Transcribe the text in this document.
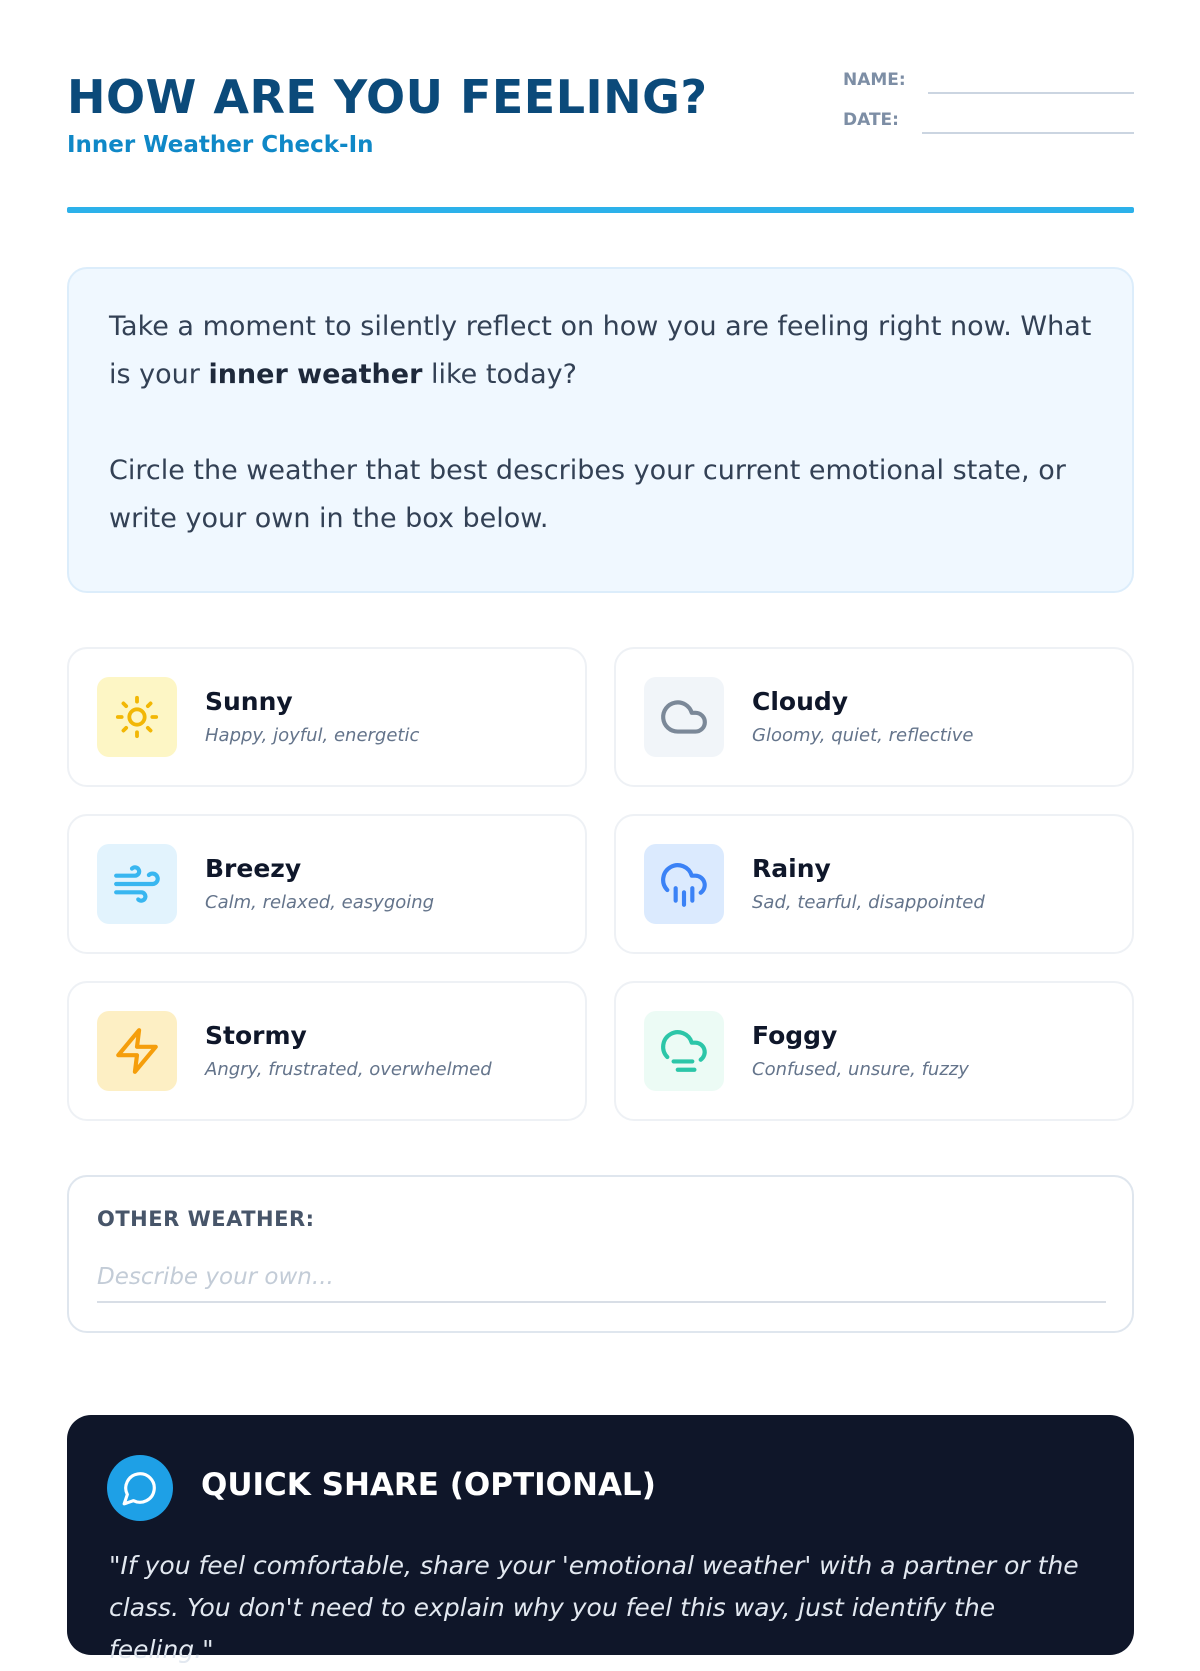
HOW ARE YOU FEELING?
Inner Weather Check-In
NAME:
DATE:

Take a moment to silently reflect on how you are feeling right now. What is your inner weather like today?

Circle the weather that best describes your current emotional state, or write your own in the box below.

Sunny
Happy, joyful, energetic
Cloudy
Gloomy, quiet, reflective
Breezy
Calm, relaxed, easygoing
Rainy
Sad, tearful, disappointed
Stormy
Angry, frustrated, overwhelmed
Foggy
Confused, unsure, fuzzy
OTHER WEATHER:
Describe your own...
QUICK SHARE (OPTIONAL)
"If you feel comfortable, share your 'emotional weather' with a partner or the class. You don't need to explain why you feel this way, just identify the feeling."
